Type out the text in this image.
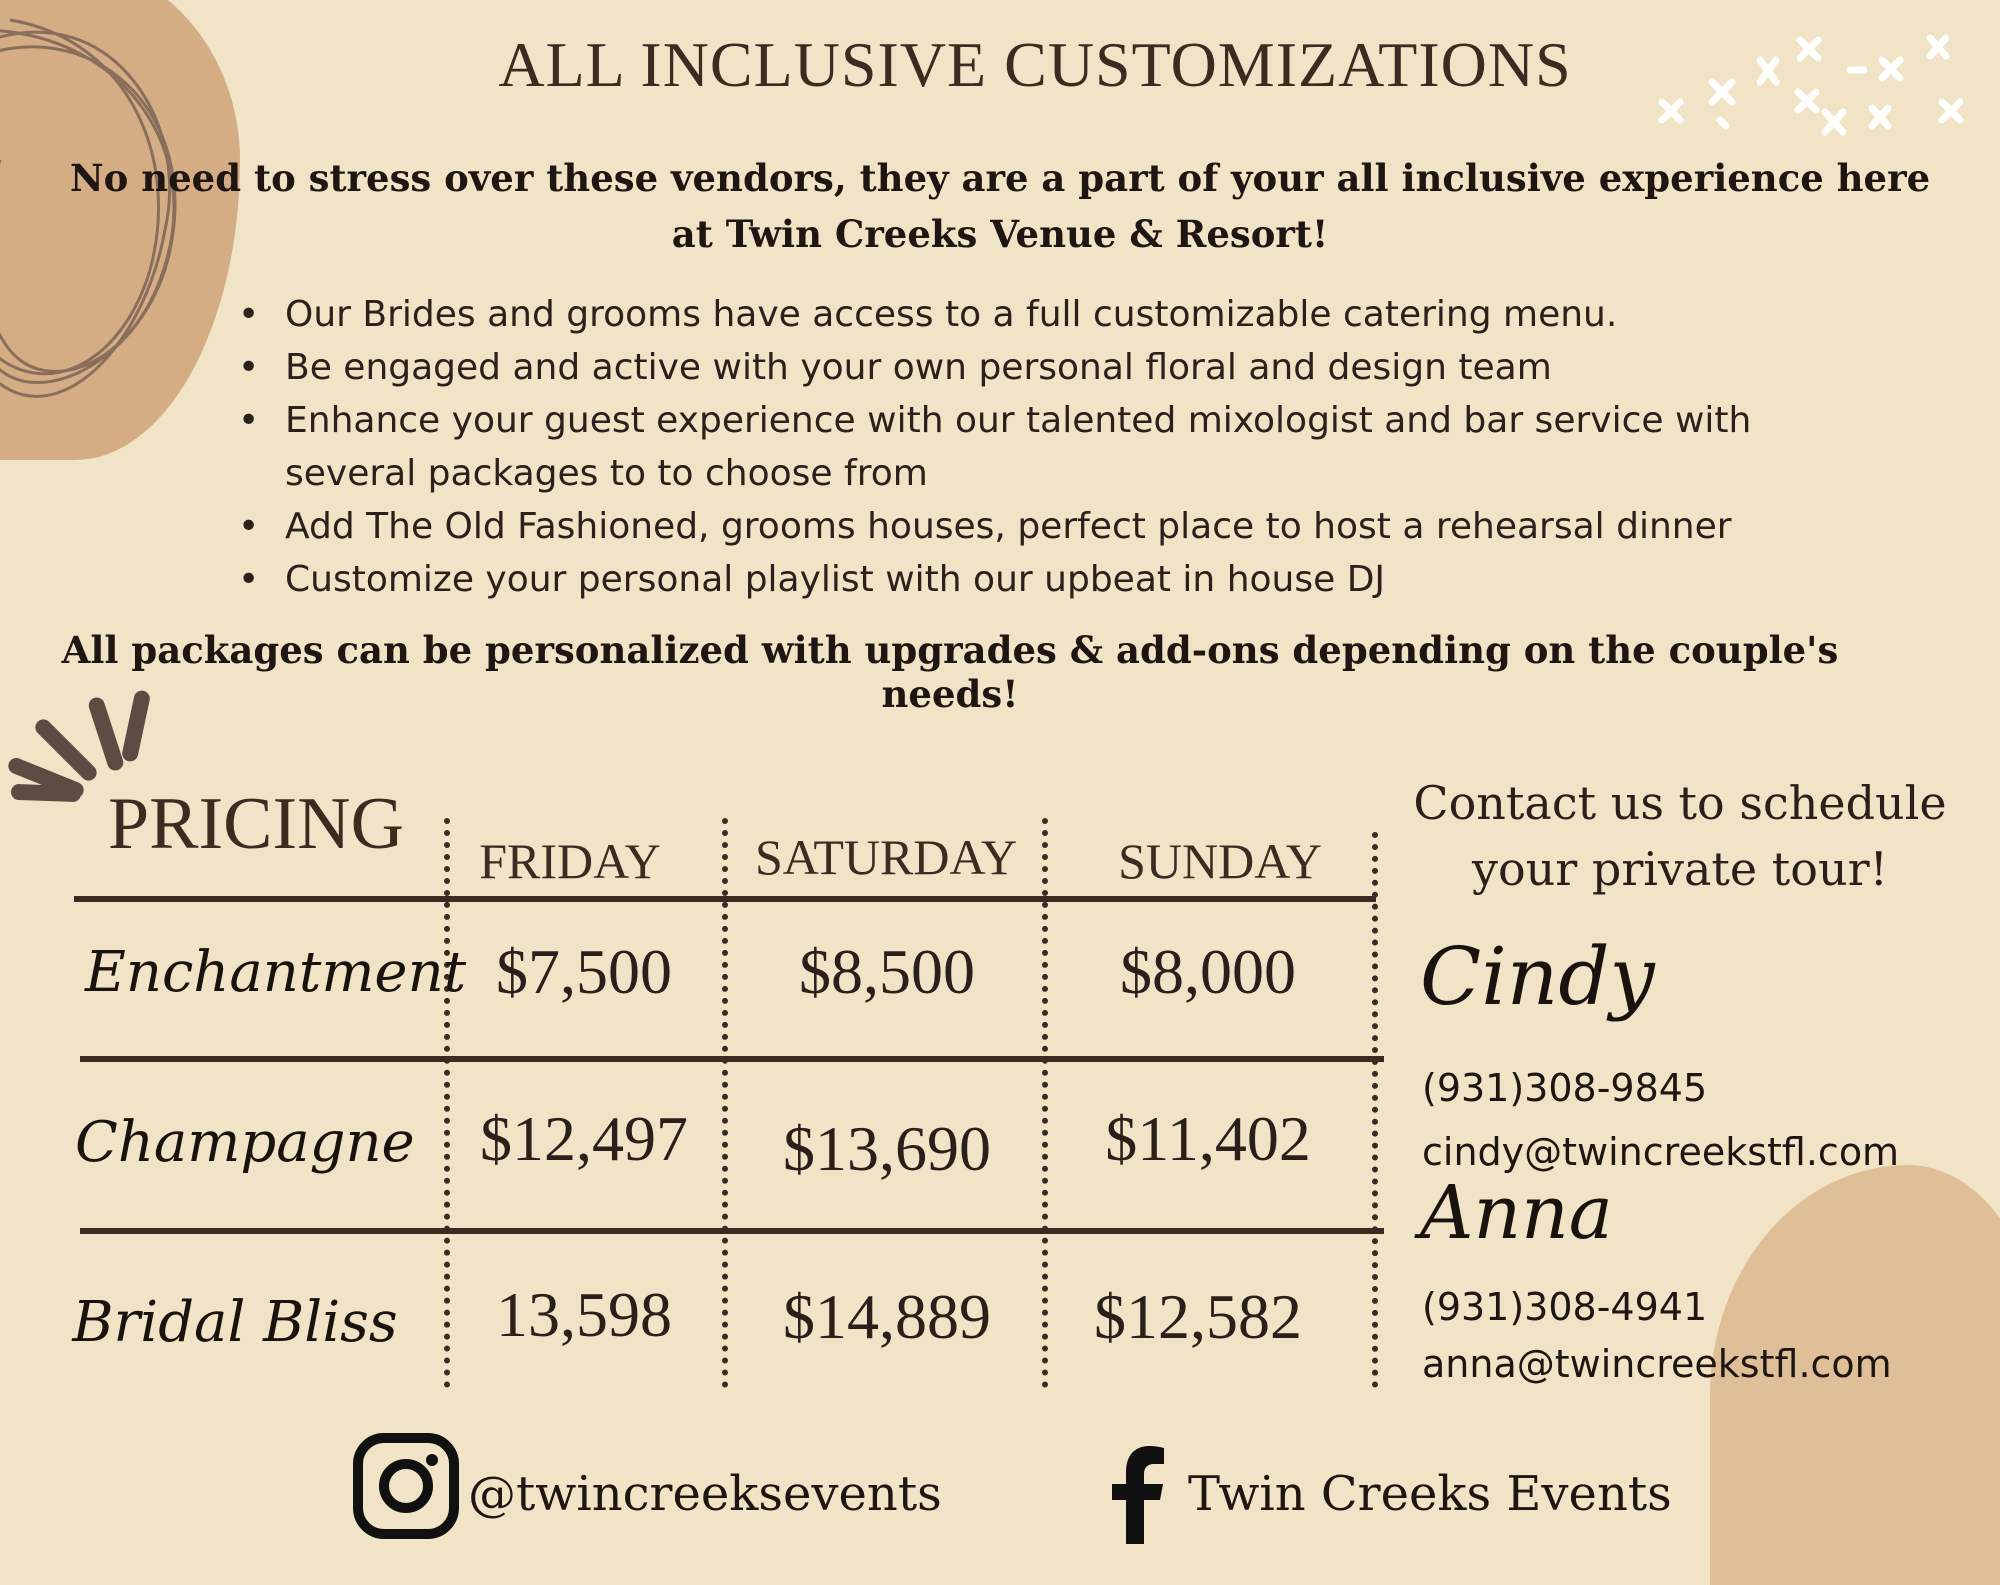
ALL INCLUSIVE CUSTOMIZATIONS
No need to stress over these vendors, they are a part of your all inclusive experience here at Twin Creeks Venue & Resort!
• Our Brides and grooms have access to a full customizable catering menu.
• Be engaged and active with your own personal floral and design team
• Enhance your guest experience with our talented mixologist and bar service with several packages to to choose from
• Add The Old Fashioned, grooms houses, perfect place to host a rehearsal dinner
• Customize your personal playlist with our upbeat in house DJ
All packages can be personalized with upgrades & add-ons depending on the couple's needs!
PRICING	FRIDAY	SATURDAY	SUNDAY
Enchantment $7,500	$8,500	$8,000
Champagne	$12,497	$13,690	$11,402
Bridal Bliss	13,598	$14,889	$12,582
Contact us to schedule your private tour!
Cindy
(931)308-9845
cindy@twincreekstfl.com
Anna
(931)308-4941
anna@twincreekstfl.com
@twincreeksevents	Twin Creeks Events
